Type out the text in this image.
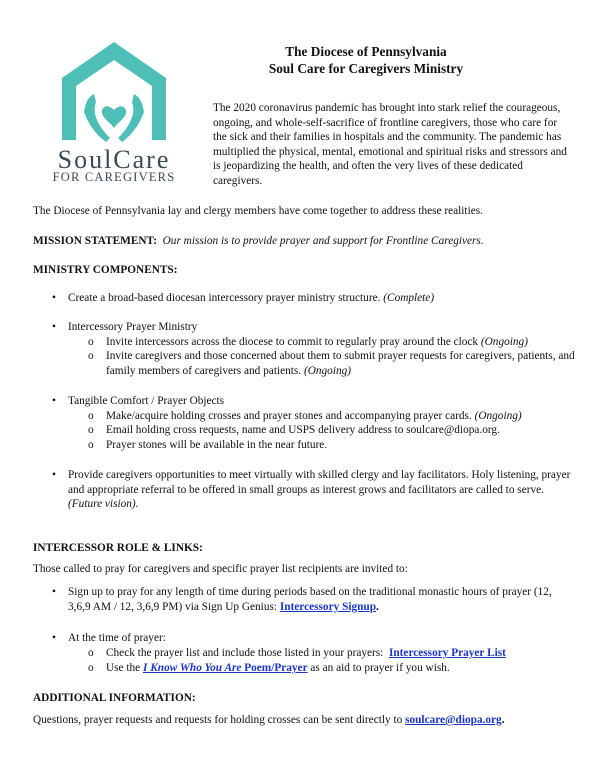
SoulCare
FOR CAREGIVERS
The Diocese of Pennsylvania
Soul Care for Caregivers Ministry
The 2020 coronavirus pandemic has brought into stark relief the courageous, ongoing, and whole-self-sacrifice of frontline caregivers, those who care for the sick and their families in hospitals and the community. The pandemic has multiplied the physical, mental, emotional and spiritual risks and stressors and is jeopardizing the health, and often the very lives of these dedicated caregivers.
The Diocese of Pennsylvania lay and clergy members have come together to address these realities.
MISSION STATEMENT: Our mission is to provide prayer and support for Frontline Caregivers.
MINISTRY COMPONENTS:
• Create a broad-based diocesan intercessory prayer ministry structure. (Complete)
• Intercessory Prayer Ministry
o Invite intercessors across the diocese to commit to regularly pray around the clock (Ongoing)
o Invite caregivers and those concerned about them to submit prayer requests for caregivers, patients, and family members of caregivers and patients. (Ongoing)
• Tangible Comfort / Prayer Objects
o Make/acquire holding crosses and prayer stones and accompanying prayer cards. (Ongoing)
o Email holding cross requests, name and USPS delivery address to soulcare@diopa.org.
o Prayer stones will be available in the near future.
• Provide caregivers opportunities to meet virtually with skilled clergy and lay facilitators. Holy listening, prayer and appropriate referral to be offered in small groups as interest grows and facilitators are called to serve. (Future vision).
INTERCESSOR ROLE & LINKS:
Those called to pray for caregivers and specific prayer list recipients are invited to:
• Sign up to pray for any length of time during periods based on the traditional monastic hours of prayer (12, 3,6,9 AM / 12, 3,6,9 PM) via Sign Up Genius: Intercessory Signup.
• At the time of prayer:
o Check the prayer list and include those listed in your prayers: Intercessory Prayer List
o Use the I Know Who You Are Poem/Prayer as an aid to prayer if you wish.
ADDITIONAL INFORMATION:
Questions, prayer requests and requests for holding crosses can be sent directly to soulcare@diopa.org.
